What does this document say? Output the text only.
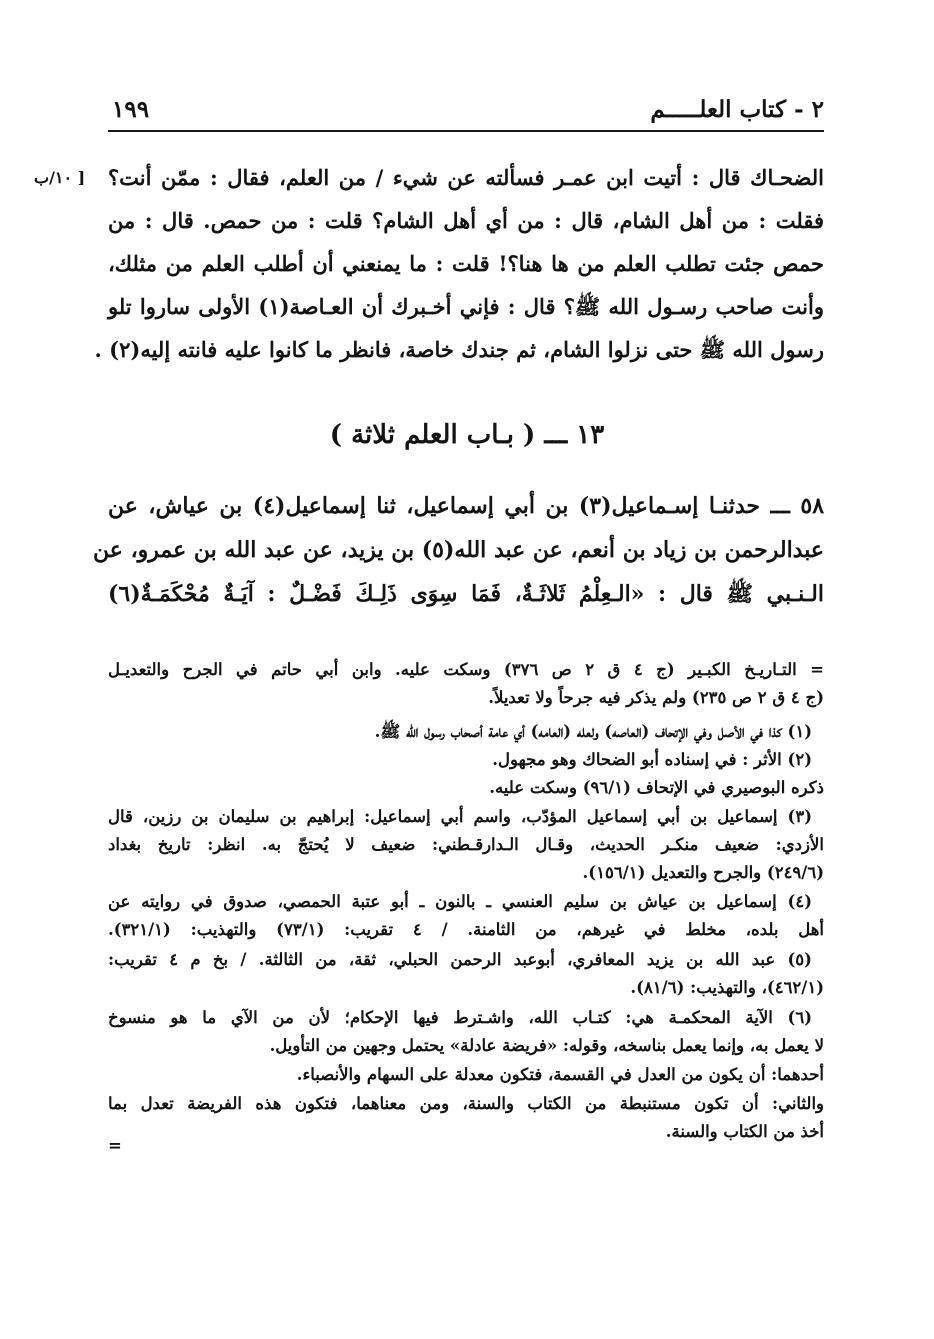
٢ - كتاب العلـــــم
١٩٩
[ ١٠/ب الضحـاك قال : أتيت ابن عمـر فسألته عن شيء / من العلم، فقال : ممّن أنت؟
فقلت : من أهل الشام، قال : من أي أهل الشام؟ قلت : من حمص. قال : من
حمص جئت تطلب العلم من ها هنا؟! قلت : ما يمنعني أن أطلب العلم من مثلك،
وأنت صاحب رسـول الله ﷺ؟ قال : فإني أخـبرك أن العـاصة(١) الأولى ساروا تلو
رسول الله ﷺ حتى نزلوا الشام، ثم جندك خاصة، فانظر ما كانوا عليه فانته إليه(٢) .
١٣ ـــ ( بـاب العلم ثلاثة )
٥٨ ـــ حدثنـا إسـماعيل(٣) بن أبي إسماعيل، ثنا إسماعيل(٤) بن عياش، عن
عبدالرحمن بن زياد بن أنعم، عن عبد الله(٥) بن يزيد، عن عبد الله بن عمرو، عن
الـنـبي ﷺ قال : «الـعِلْمُ ثَلاثَـةٌ، فَمَا سِوَى ذَلِـكَ فَضْـلٌ : آيَـةٌ مُحْكَمَـةٌ(٦)
= التـاريـخ الكبـير (ج ٤ ق ٢ ص ٣٧٦) وسكت عليه. وابن أبي حاتم في الجرح والتعديـل
(ج ٤ ق ٢ ص ٢٣٥) ولم يذكر فيه جرحاً ولا تعديلاً.
(١) كذا في الأصل وفي الإتحاف (العاصه) ولعله (العامه) أي عامة أصحاب رسول الله ﷺ.
(٢) الأثر : في إسناده أبو الضحاك وهو مجهول.
ذكره البوصيري في الإتحاف (٩٦/١) وسكت عليه.
(٣) إسماعيل بن أبي إسماعيل المؤدّب، واسم أبي إسماعيل: إبراهيم بن سليمان بن رزين، قال
الأزدي: ضعيف منكـر الحديث، وقـال الـدارقـطني: ضعيف لا يُحتجّ به. انظر: تاريخ بغداد
(٢٤٩/٦) والجرح والتعديل (١٥٦/١).
(٤) إسماعيل بن عياش بن سليم العنسي ـ بالنون ـ أبو عتبة الحمصي، صدوق في روايته عن
أهل بلده، مخلط في غيرهم، من الثامنة. / ٤ تقريب: (٧٣/١) والتهذيب: (٣٢١/١).
(٥) عبد الله بن يزيد المعافري، أبوعبد الرحمن الحبلي، ثقة، من الثالثة. / بخ م ٤ تقريب:
(٤٦٢/١)، والتهذيب: (٨١/٦).
(٦) الآية المحكمـة هي: كتـاب الله، واشـترط فيها الإحكام؛ لأن من الآي ما هو منسوخ
لا يعمل به، وإنما يعمل بناسخه، وقوله: «فريضة عادلة» يحتمل وجهين من التأويل.
أحدهما: أن يكون من العدل في القسمة، فتكون معدلة على السهام والأنصباء.
والثاني: أن تكون مستنبطة من الكتاب والسنة، ومن معناهما، فتكون هذه الفريضة تعدل بما
أخذ من الكتاب والسنة.
=
